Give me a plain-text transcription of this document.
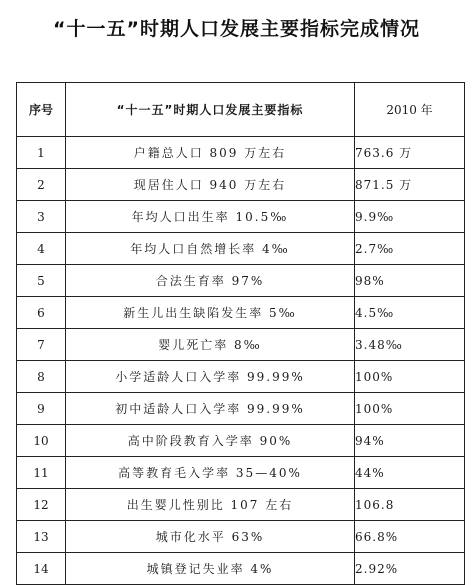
“十一五”时期人口发展主要指标完成情况
序号	“十一五”时期人口发展主要指标	2010 年
1	户籍总人口 809 万左右	763.6 万
2	现居住人口 940 万左右	871.5 万
3	年均人口出生率 10.5‰	9.9‰
4	年均人口自然增长率 4‰	2.7‰
5	合法生育率 97%	98%
6	新生儿出生缺陷发生率 5‰	4.5‰
7	婴儿死亡率 8‰	3.48‰
8	小学适龄人口入学率 99.99%	100%
9	初中适龄人口入学率 99.99%	100%
10	高中阶段教育入学率 90%	94%
11	高等教育毛入学率 35—40%	44%
12	出生婴儿性别比 107 左右	106.8
13	城市化水平 63%	66.8%
14	城镇登记失业率 4%	2.92%
